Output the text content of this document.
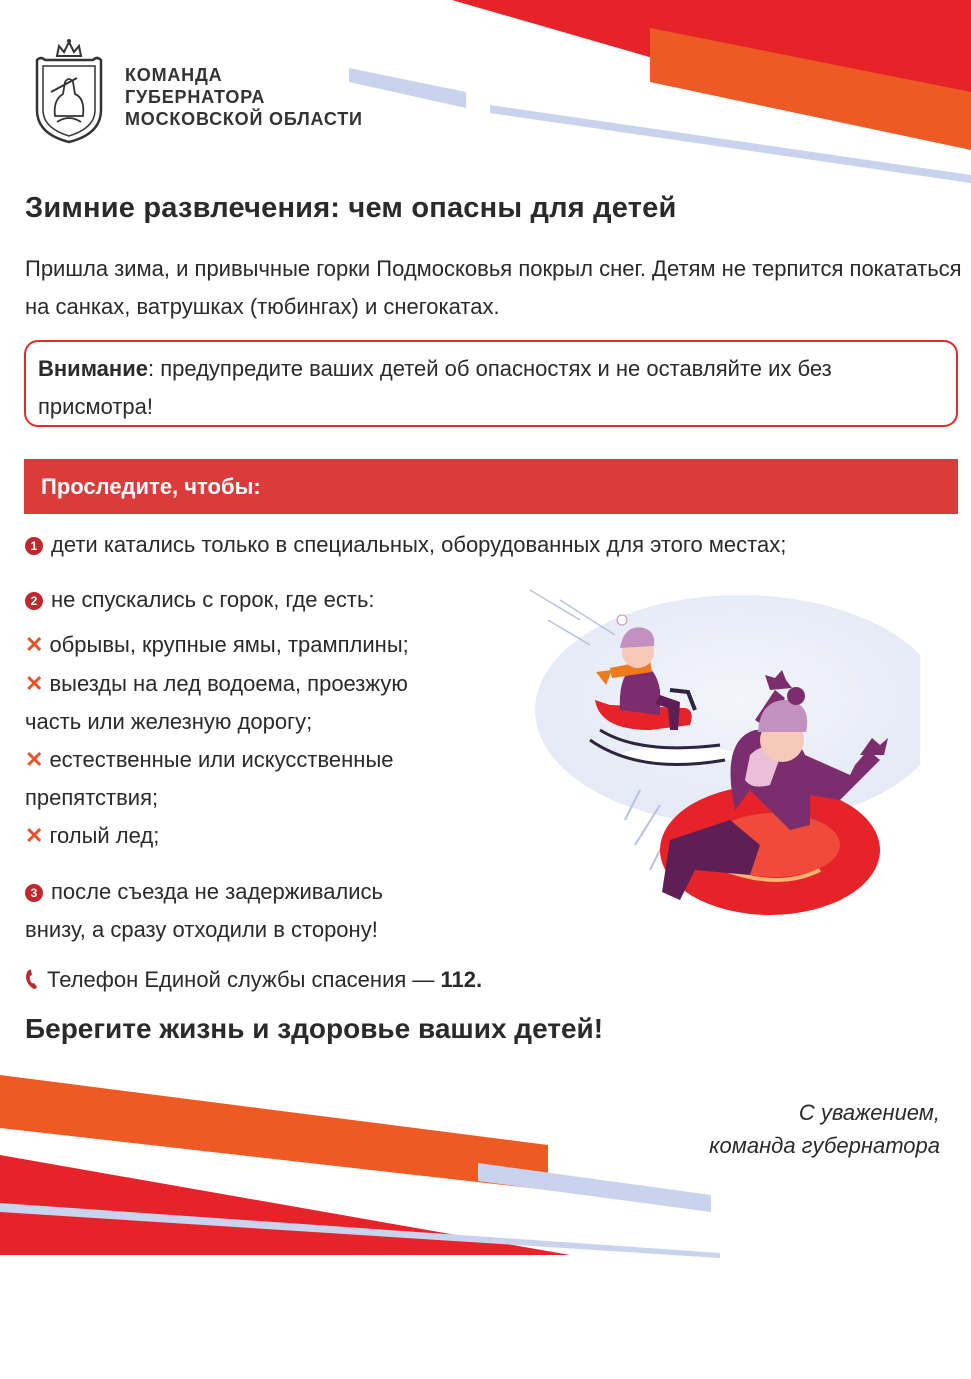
КОМАНДА
ГУБЕРНАТОРА
МОСКОВСКОЙ ОБЛАСТИ
Зимние развлечения: чем опасны для детей

Пришла зима, и привычные горки Подмосковья покрыл снег. Детям не терпится покататься на санках, ватрушках (тюбингах) и снегокатах.

Внимание: предупредите ваших детей об опасностях и не оставляйте их без присмотра!
Проследите, чтобы:
1 дети катались только в специальных, оборудованных для этого местах;
2 не спускались с горок, где есть:
✕ обрывы, крупные ямы, трамплины;
✕ выезды на лед водоема, проезжую
часть или железную дорогу;
✕ естественные или искусственные
препятствия;
✕ голый лед;
3 после съезда не задерживались
внизу, а сразу отходили в сторону!
Телефон Единой службы спасения — 112.

Берегите жизнь и здоровье ваших детей!

С уважением,
команда губернатора
